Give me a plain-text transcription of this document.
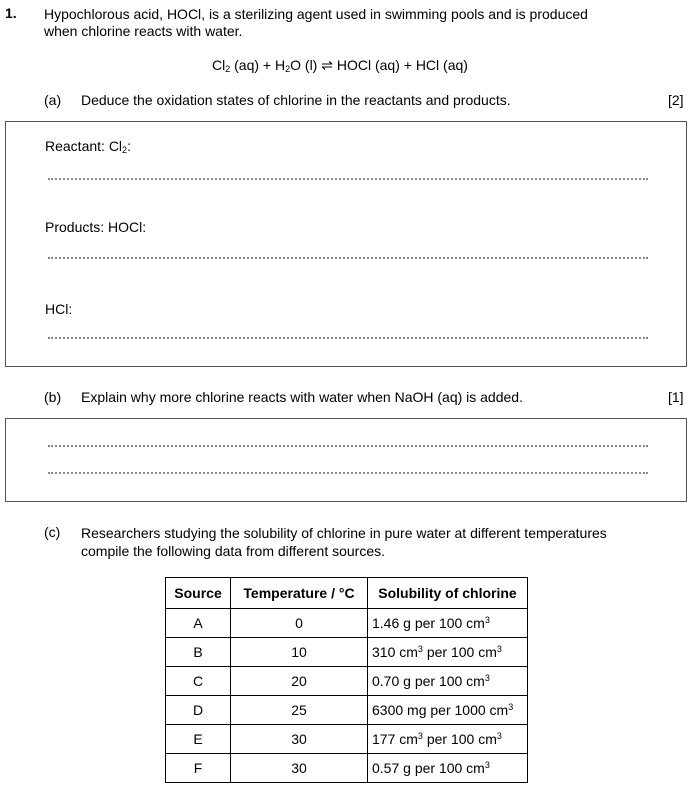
1. Hypochlorous acid, HOCl, is a sterilizing agent used in swimming pools and is produced
when chlorine reacts with water.
$Cl_2$ $(aq) + H_2O$ (l) ⇌ HOCl (aq) + HCl (aq)
(a) Deduce the oxidation states of chlorine in the reactants and products.	[2]
Reactant: $Cl_2$:
Products: HOCl:
HCl:
(b) Explain why more chlorine reacts with water when NaOH (aq) is added.	[1]
(c) Researchers studying the solubility of chlorine in pure water at different temperatures
compile the following data from different sources.
Source	Temperature / °C	Solubility of chlorine
A	0	1.46 g per 100 $cm^3$
B	10	310 $cm^3$ per 100 $cm^3$
C	20	0.70 g per 100 $cm^3$
D	25	6300 mg per 1000 $cm^3$
E	30	177 $cm^3$ per 100 $cm^3$
F	30	0.57 g per 100 $cm^3$
